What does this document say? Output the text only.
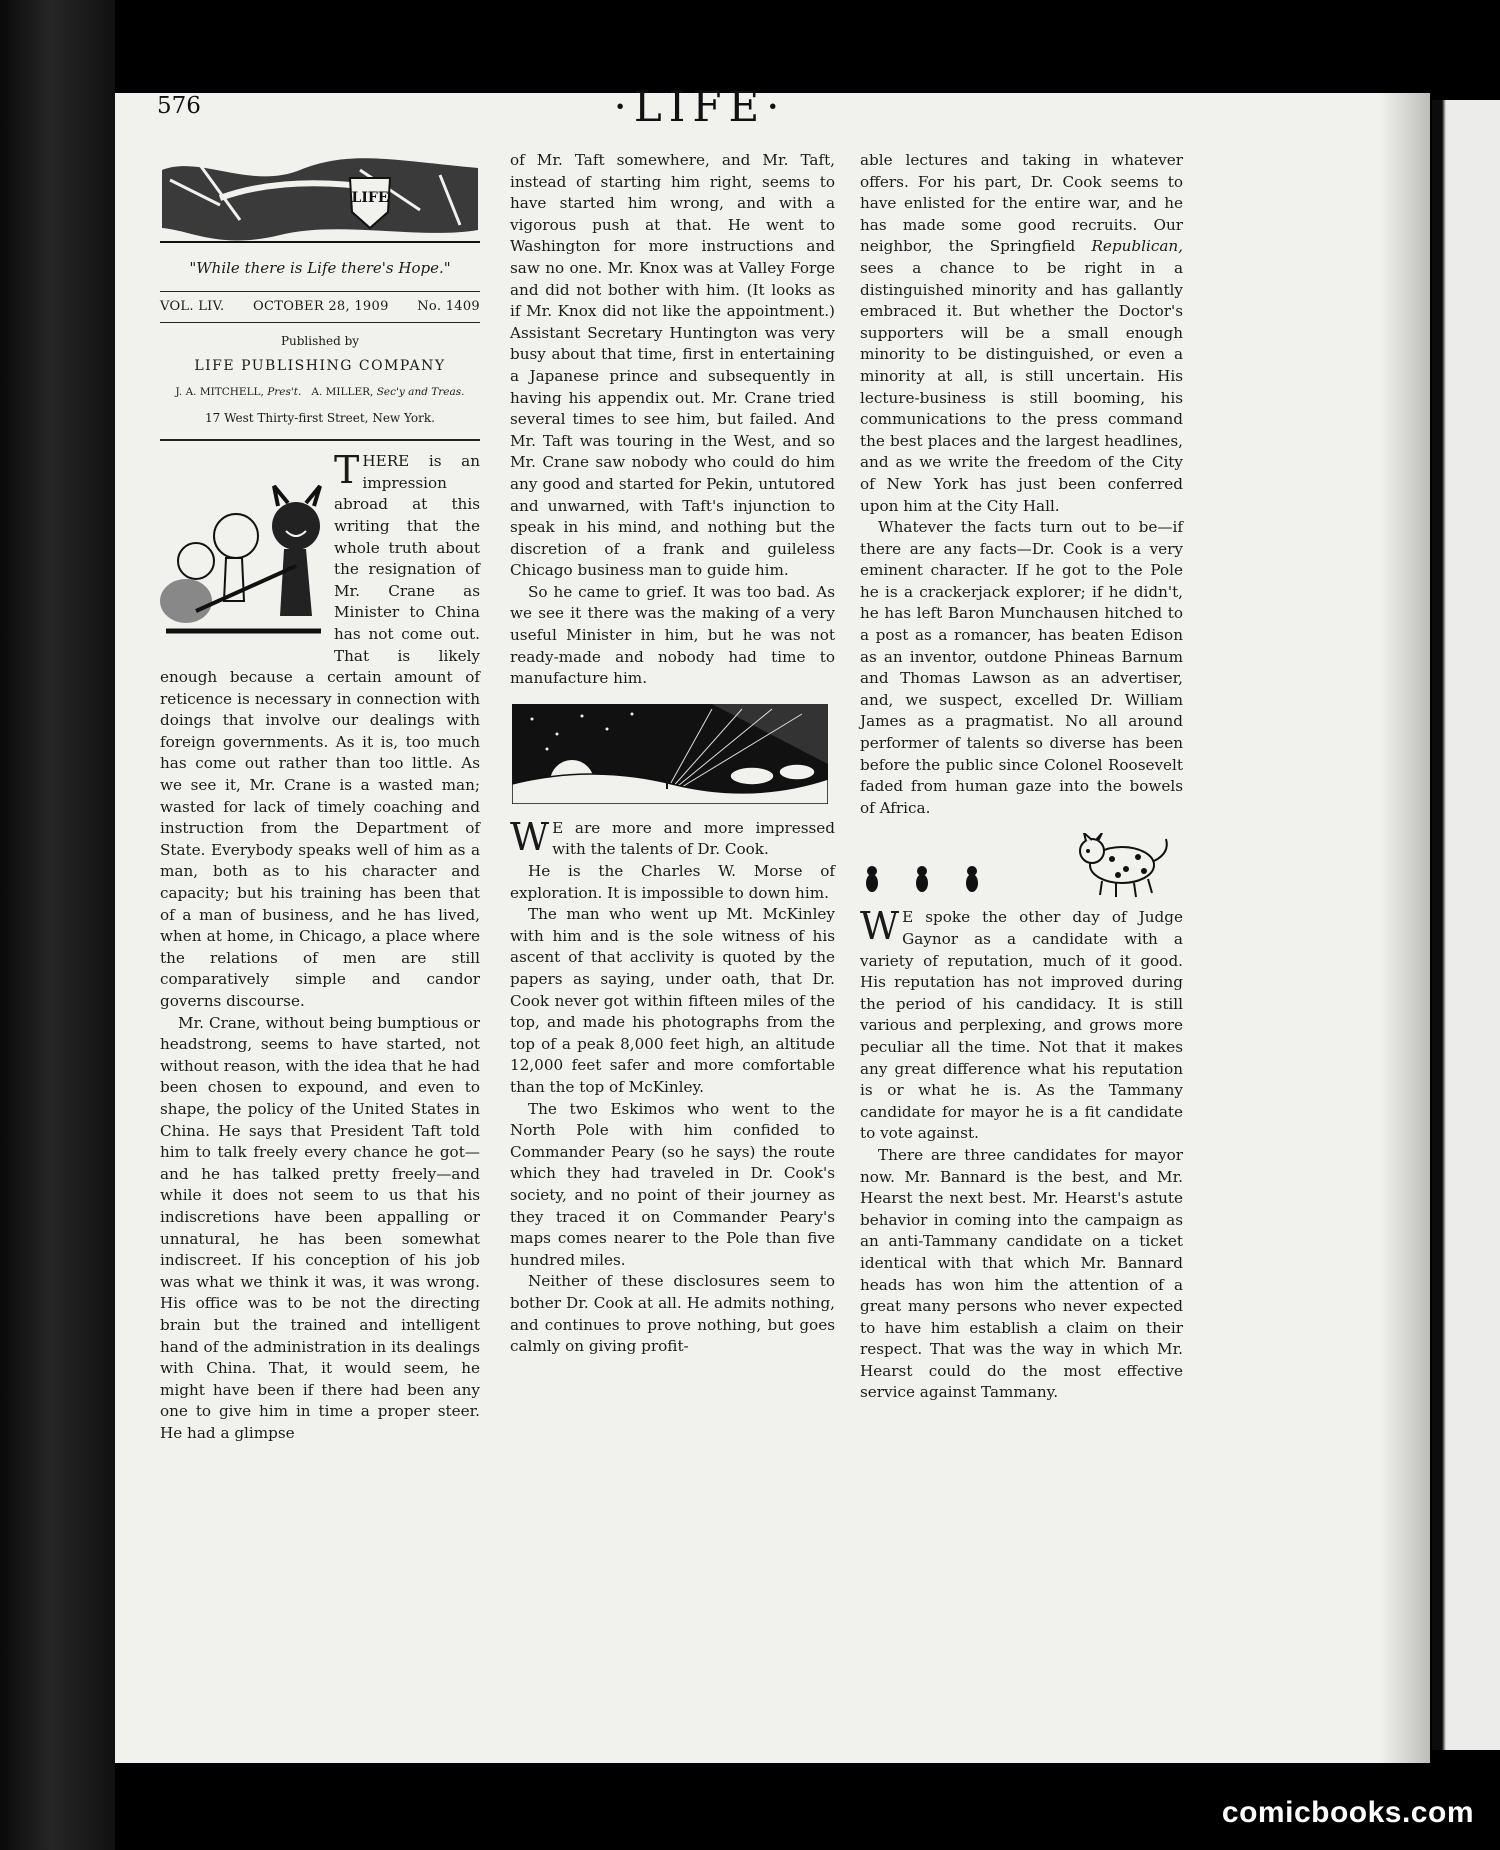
576	·LIFE·
LIFE
"While there is Life there's Hope."
VOL. LIV. OCTOBER 28, 1909 No. 1409
Published by
LIFE PUBLISHING COMPANY
J. A. MITCHELL, Pres't. A. MILLER, Sec'y and Treas.
17 West Thirty-first Street, New York.

T HERE is an impression abroad at this writing that the whole truth about the resignation of Mr. Crane as Minister to China has not come out. That is likely enough because a certain amount of reticence is necessary in connection with doings that involve our dealings with foreign governments. As it is, too much has come out rather than too little. As we see it, Mr. Crane is a wasted man; wasted for lack of timely coaching and instruction from the Department of State. Everybody speaks well of him as a man, both as to his character and capacity; but his training has been that of a man of business, and he has lived, when at home, in Chicago, a place where the relations of men are still comparatively simple and candor governs discourse.

Mr. Crane, without being bumptious or headstrong, seems to have started, not without reason, with the idea that he had been chosen to expound, and even to shape, the policy of the United States in China. He says that President Taft told him to talk freely every chance he got—and he has talked pretty freely—and while it does not seem to us that his indiscretions have been appalling or unnatural, he has been somewhat indiscreet. If his conception of his job was what we think it was, it was wrong. His office was to be not the directing brain but the trained and intelligent hand of the administration in its dealings with China. That, it would seem, he might have been if there had been any one to give him in time a proper steer. He had a glimpse

of Mr. Taft somewhere, and Mr. Taft, instead of starting him right, seems to have started him wrong, and with a vigorous push at that. He went to Washington for more instructions and saw no one. Mr. Knox was at Valley Forge and did not bother with him. (It looks as if Mr. Knox did not like the appointment.) Assistant Secretary Huntington was very busy about that time, first in entertaining a Japanese prince and subsequently in having his appendix out. Mr. Crane tried several times to see him, but failed. And Mr. Taft was touring in the West, and so Mr. Crane saw nobody who could do him any good and started for Pekin, untutored and unwarned, with Taft's injunction to speak in his mind, and nothing but the discretion of a frank and guileless Chicago business man to guide him.

So he came to grief. It was too bad. As we see it there was the making of a very useful Minister in him, but he was not ready-made and nobody had time to manufacture him.

W E are more and more impressed with the talents of Dr. Cook.

He is the Charles W. Morse of exploration. It is impossible to down him.

The man who went up Mt. McKinley with him and is the sole witness of his ascent of that acclivity is quoted by the papers as saying, under oath, that Dr. Cook never got within fifteen miles of the top, and made his photographs from the top of a peak 8,000 feet high, an altitude 12,000 feet safer and more comfortable than the top of McKinley.

The two Eskimos who went to the North Pole with him confided to Commander Peary (so he says) the route which they had traveled in Dr. Cook's society, and no point of their journey as they traced it on Commander Peary's maps comes nearer to the Pole than five hundred miles.

Neither of these disclosures seem to bother Dr. Cook at all. He admits nothing, and continues to prove nothing, but goes calmly on giving profit-

able lectures and taking in whatever offers. For his part, Dr. Cook seems to have enlisted for the entire war, and he has made some good recruits. Our neighbor, the Springfield Republican, sees a chance to be right in a distinguished minority and has gallantly embraced it. But whether the Doctor's supporters will be a small enough minority to be distinguished, or even a minority at all, is still uncertain. His lecture-business is still booming, his communications to the press command the best places and the largest headlines, and as we write the freedom of the City of New York has just been conferred upon him at the City Hall.

Whatever the facts turn out to be—if there are any facts—Dr. Cook is a very eminent character. If he got to the Pole he is a crackerjack explorer; if he didn't, he has left Baron Munchausen hitched to a post as a romancer, has beaten Edison as an inventor, outdone Phineas Barnum and Thomas Lawson as an advertiser, and, we suspect, excelled Dr. William James as a pragmatist. No all around performer of talents so diverse has been before the public since Colonel Roosevelt faded from human gaze into the bowels of Africa.

W E spoke the other day of Judge Gaynor as a candidate with a variety of reputation, much of it good. His reputation has not improved during the period of his candidacy. It is still various and perplexing, and grows more peculiar all the time. Not that it makes any great difference what his reputation is or what he is. As the Tammany candidate for mayor he is a fit candidate to vote against.

There are three candidates for mayor now. Mr. Bannard is the best, and Mr. Hearst the next best. Mr. Hearst's astute behavior in coming into the campaign as an anti-Tammany candidate on a ticket identical with that which Mr. Bannard heads has won him the attention of a great many persons who never expected to have him establish a claim on their respect. That was the way in which Mr. Hearst could do the most effective service against Tammany.

comicbooks.com
